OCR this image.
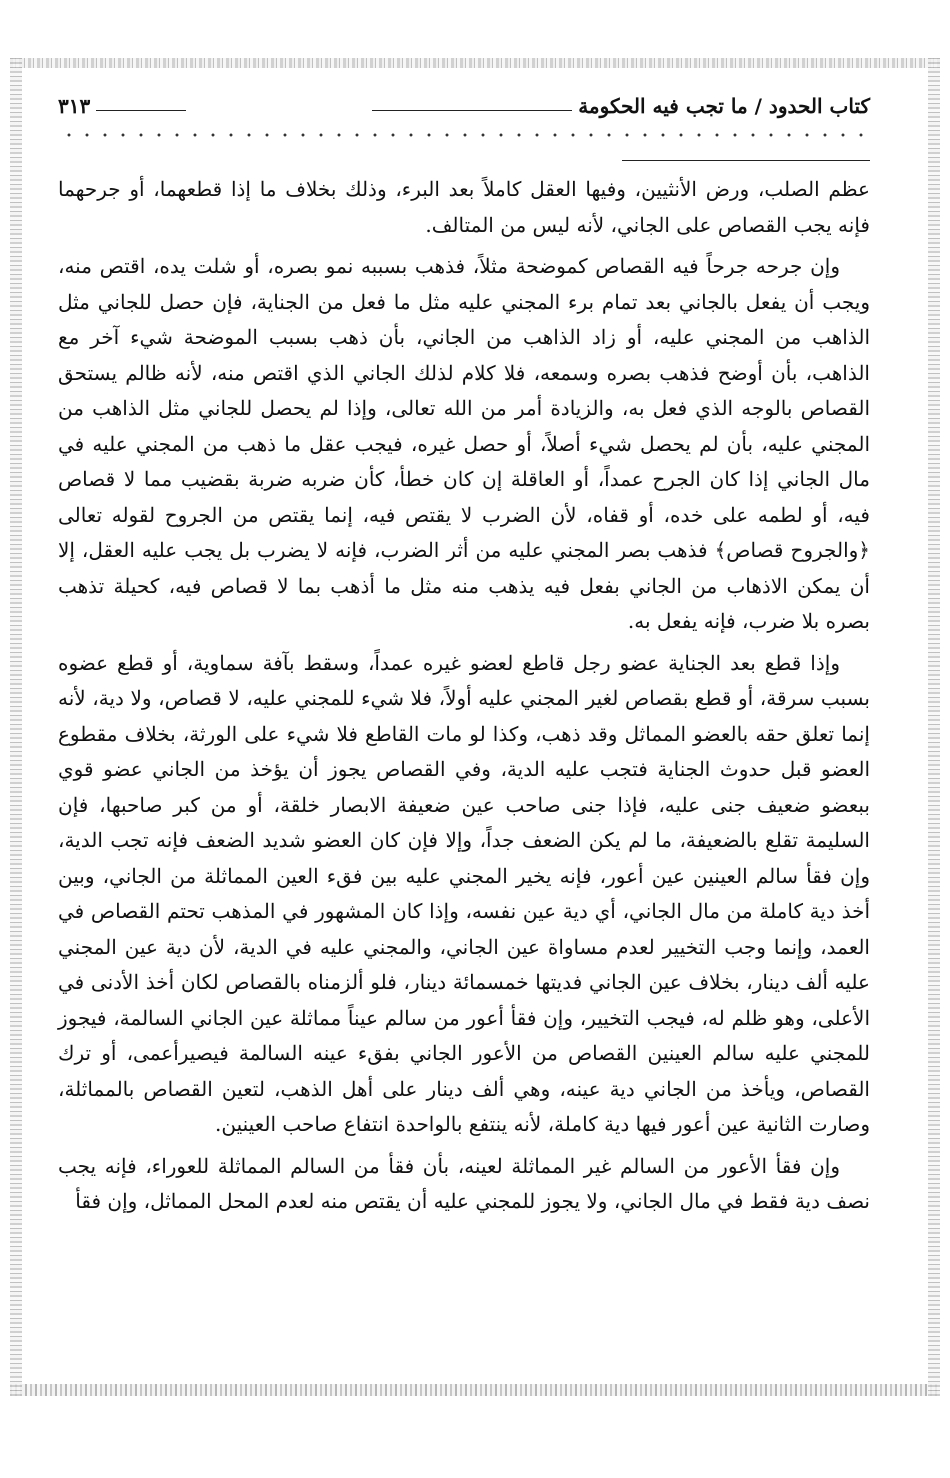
كتاب الحدود / ما تجب فيه الحكومة
٣١٣

عظم الصلب، ورض الأنثيين، وفيها العقل كاملاً بعد البرء، وذلك بخلاف ما إذا قطعهما، أو جرحهما فإنه يجب القصاص على الجاني، لأنه ليس من المتالف.

وإن جرحه جرحاً فيه القصاص كموضحة مثلاً، فذهب بسببه نمو بصره، أو شلت يده، اقتص منه، ويجب أن يفعل بالجاني بعد تمام برء المجني عليه مثل ما فعل من الجناية، فإن حصل للجاني مثل الذاهب من المجني عليه، أو زاد الذاهب من الجاني، بأن ذهب بسبب الموضحة شيء آخر مع الذاهب، بأن أوضح فذهب بصره وسمعه، فلا كلام لذلك الجاني الذي اقتص منه، لأنه ظالم يستحق القصاص بالوجه الذي فعل به، والزيادة أمر من الله تعالى، وإذا لم يحصل للجاني مثل الذاهب من المجني عليه، بأن لم يحصل شيء أصلاً، أو حصل غيره، فيجب عقل ما ذهب من المجني عليه في مال الجاني إذا كان الجرح عمداً، أو العاقلة إن كان خطأ، كأن ضربه ضربة بقضيب مما لا قصاص فيه، أو لطمه على خده، أو قفاه، لأن الضرب لا يقتص فيه، إنما يقتص من الجروح لقوله تعالى ﴿والجروح قصاص﴾ فذهب بصر المجني عليه من أثر الضرب، فإنه لا يضرب بل يجب عليه العقل، إلا أن يمكن الاذهاب من الجاني بفعل فيه يذهب منه مثل ما أذهب بما لا قصاص فيه، كحيلة تذهب بصره بلا ضرب، فإنه يفعل به.

وإذا قطع بعد الجناية عضو رجل قاطع لعضو غيره عمداً، وسقط بآفة سماوية، أو قطع عضوه بسبب سرقة، أو قطع بقصاص لغير المجني عليه أولاً، فلا شيء للمجني عليه، لا قصاص، ولا دية، لأنه إنما تعلق حقه بالعضو المماثل وقد ذهب، وكذا لو مات القاطع فلا شيء على الورثة، بخلاف مقطوع العضو قبل حدوث الجناية فتجب عليه الدية، وفي القصاص يجوز أن يؤخذ من الجاني عضو قوي ببعضو ضعيف جنى عليه، فإذا جنى صاحب عين ضعيفة الابصار خلقة، أو من كبر صاحبها، فإن السليمة تقلع بالضعيفة، ما لم يكن الضعف جداً، وإلا فإن كان العضو شديد الضعف فإنه تجب الدية، وإن فقأ سالم العينين عين أعور، فإنه يخير المجني عليه بين فقء العين المماثلة من الجاني، وبين أخذ دية كاملة من مال الجاني، أي دية عين نفسه، وإذا كان المشهور في المذهب تحتم القصاص في العمد، وإنما وجب التخيير لعدم مساواة عين الجاني، والمجني عليه في الدية، لأن دية عين المجني عليه ألف دينار، بخلاف عين الجاني فديتها خمسمائة دينار، فلو ألزمناه بالقصاص لكان أخذ الأدنى في الأعلى، وهو ظلم له، فيجب التخيير، وإن فقأ أعور من سالم عيناً مماثلة عين الجاني السالمة، فيجوز للمجني عليه سالم العينين القصاص من الأعور الجاني بفقء عينه السالمة فيصيرأعمى، أو ترك القصاص، ويأخذ من الجاني دية عينه، وهي ألف دينار على أهل الذهب، لتعين القصاص بالمماثلة، وصارت الثانية عين أعور فيها دية كاملة، لأنه ينتفع بالواحدة انتفاع صاحب العينين.

وإن فقأ الأعور من السالم غير المماثلة لعينه، بأن فقأ من السالم المماثلة للعوراء، فإنه يجب نصف دية فقط في مال الجاني، ولا يجوز للمجني عليه أن يقتص منه لعدم المحل المماثل، وإن فقأ
